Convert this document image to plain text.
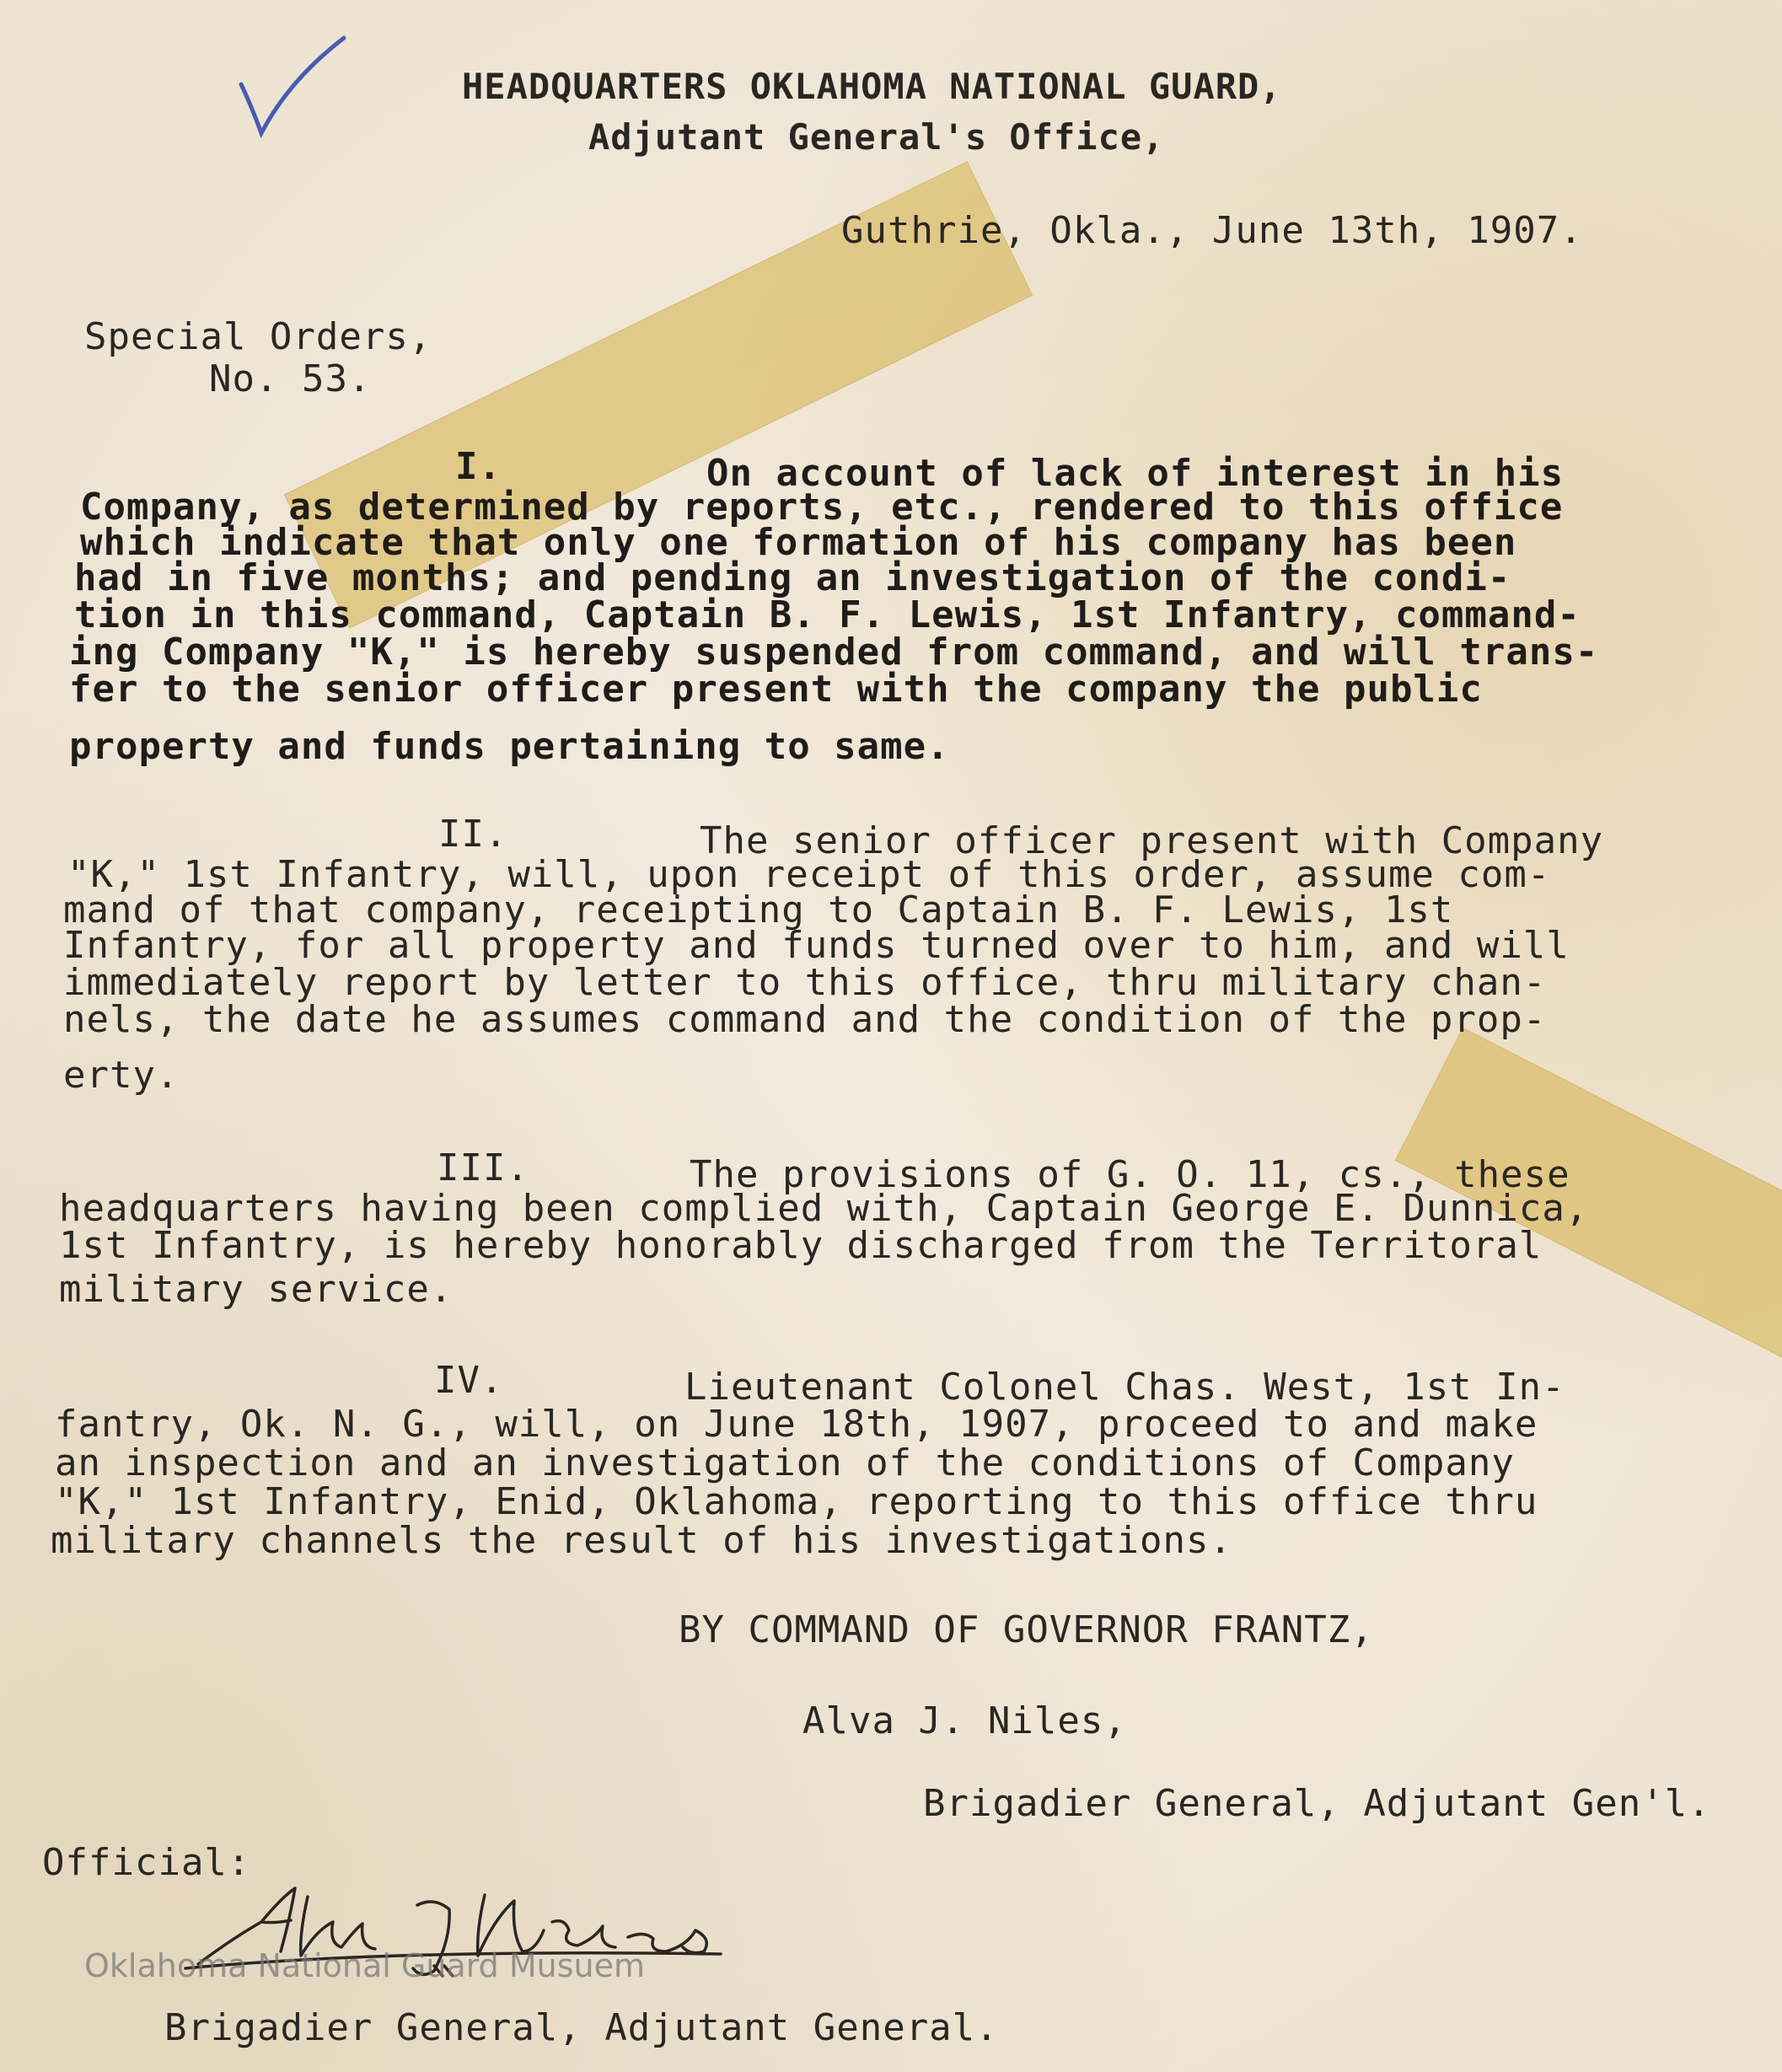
HEADQUARTERS OKLAHOMA NATIONAL GUARD,
Adjutant General's Office,
Guthrie, Okla., June 13th, 1907.
Special Orders,
No. 53.
I.	On account of lack of interest in his
Company, as determined by reports, etc., rendered to this office
which indicate that only one formation of his company has been
had in five months; and pending an investigation of the condi-
tion in this command, Captain B. F. Lewis, 1st Infantry, command-
ing Company "K," is hereby suspended from command, and will trans-
fer to the senior officer present with the company the public
property and funds pertaining to same.
II.	The senior officer present with Company
"K," 1st Infantry, will, upon receipt of this order, assume com-
mand of that company, receipting to Captain B. F. Lewis, 1st
Infantry, for all property and funds turned over to him, and will
immediately report by letter to this office, thru military chan-
nels, the date he assumes command and the condition of the prop-
erty.
III.	The provisions of G. O. 11, cs., these
headquarters having been complied with, Captain George E. Dunnica,
1st Infantry, is hereby honorably discharged from the Territoral
military service.
IV.	Lieutenant Colonel Chas. West, 1st In-
fantry, Ok. N. G., will, on June 18th, 1907, proceed to and make
an inspection and an investigation of the conditions of Company
"K," 1st Infantry, Enid, Oklahoma, reporting to this office thru
military channels the result of his investigations.
BY COMMAND OF GOVERNOR FRANTZ,
Alva J. Niles,
Brigadier General, Adjutant Gen'l.
Official:
Oklahoma National Guard Musuem
Brigadier General, Adjutant General.
